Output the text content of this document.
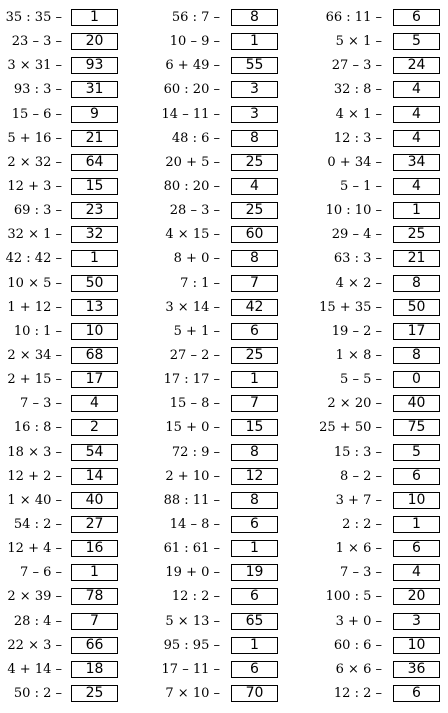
35 : 35 –	1
23 – 3 –	20
3 × 31 –	93
93 : 3 –	31
15 – 6 –	9
5 + 16 –	21
2 × 32 –	64
12 + 3 –	15
69 : 3 –	23
32 × 1 –	32
42 : 42 –	1
10 × 5 –	50
1 + 12 –	13
10 : 1 –	10
2 × 34 –	68
2 + 15 –	17
7 – 3 –	4
16 : 8 –	2
18 × 3 –	54
12 + 2 –	14
1 × 40 –	40
54 : 2 –	27
12 + 4 –	16
7 – 6 –	1
2 × 39 –	78
28 : 4 –	7
22 × 3 –	66
4 + 14 –	18
50 : 2 –	25
56 : 7 –	8
10 – 9 –	1
6 + 49 –	55
60 : 20 –	3
14 – 11 –	3
48 : 6 –	8
20 + 5 –	25
80 : 20 –	4
28 – 3 –	25
4 × 15 –	60
8 + 0 –	8
7 : 1 –	7
3 × 14 –	42
5 + 1 –	6
27 – 2 –	25
17 : 17 –	1
15 – 8 –	7
15 + 0 –	15
72 : 9 –	8
2 + 10 –	12
88 : 11 –	8
14 – 8 –	6
61 : 61 –	1
19 + 0 –	19
12 : 2 –	6
5 × 13 –	65
95 : 95 –	1
17 – 11 –	6
7 × 10 –	70
66 : 11 –	6
5 × 1 –	5
27 – 3 –	24
32 : 8 –	4
4 × 1 –	4
12 : 3 –	4
0 + 34 –	34
5 – 1 –	4
10 : 10 –	1
29 – 4 –	25
63 : 3 –	21
4 × 2 –	8
15 + 35 –	50
19 – 2 –	17
1 × 8 –	8
5 – 5 –	0
2 × 20 –	40
25 + 50 –	75
15 : 3 –	5
8 – 2 –	6
3 + 7 –	10
2 : 2 –	1
1 × 6 –	6
7 – 3 –	4
100 : 5 –	20
3 + 0 –	3
60 : 6 –	10
6 × 6 –	36
12 : 2 –	6
